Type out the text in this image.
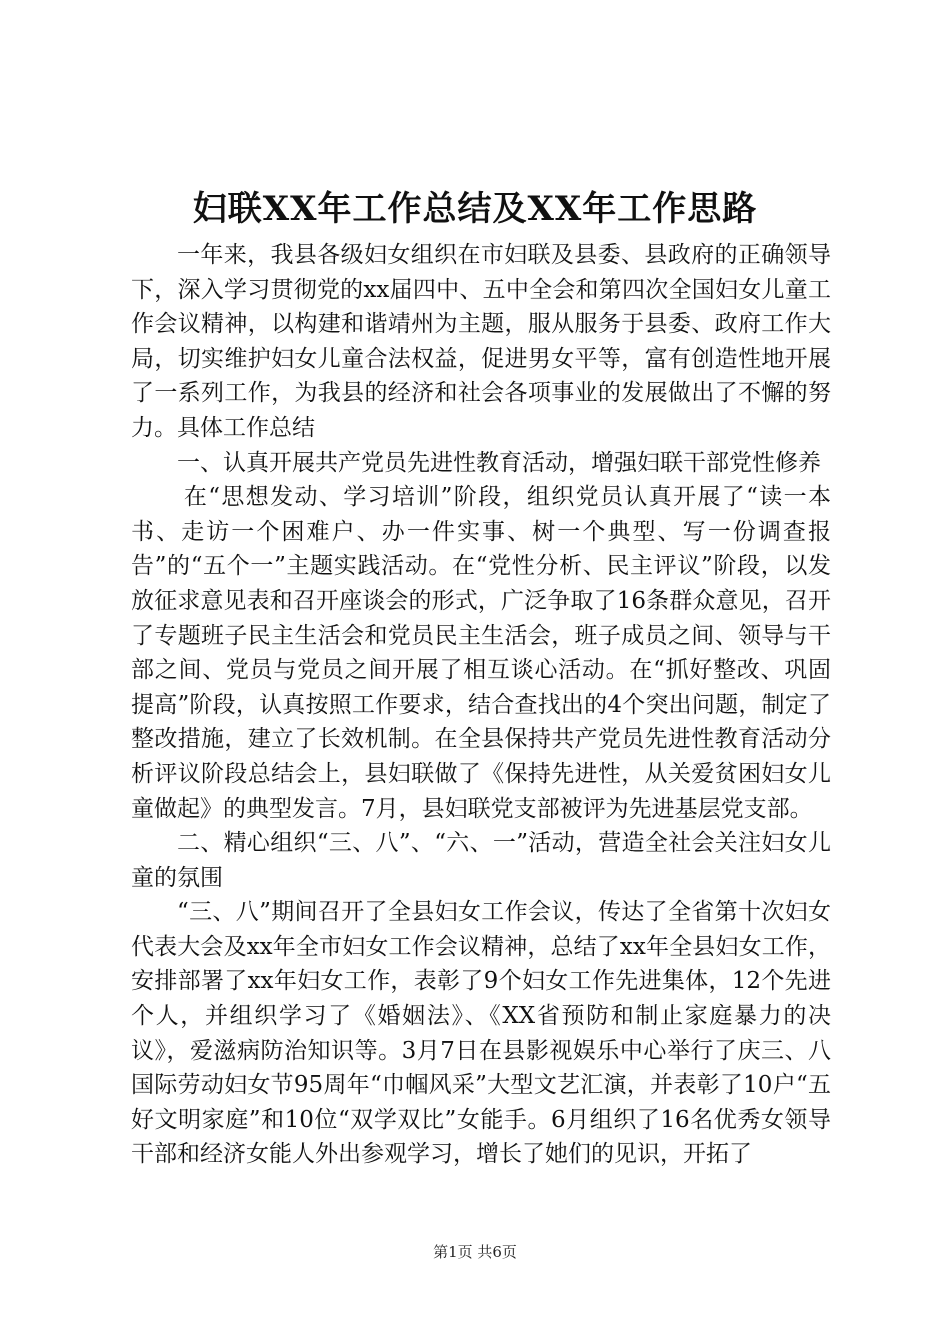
妇联XX年工作总结及XX年工作思路

一年来，我县各级妇女组织在市妇联及县委、县政府的正确领导下，深入学习贯彻党的xx届四中、五中全会和第四次全国妇女儿童工作会议精神，以构建和谐靖州为主题，服从服务于县委、政府工作大局，切实维护妇女儿童合法权益，促进男女平等，富有创造性地开展了一系列工作，为我县的经济和社会各项事业的发展做出了不懈的努力。具体工作总结

一、认真开展共产党员先进性教育活动，增强妇联干部党性修养

在“思想发动、学习培训”阶段，组织党员认真开展了“读一本书、走访一个困难户、办一件实事、树一个典型、写一份调查报告”的“五个一”主题实践活动。在“党性分析、民主评议”阶段，以发放征求意见表和召开座谈会的形式，广泛争取了16条群众意见，召开了专题班子民主生活会和党员民主生活会，班子成员之间、领导与干部之间、党员与党员之间开展了相互谈心活动。在“抓好整改、巩固提高”阶段，认真按照工作要求，结合查找出的4个突出问题，制定了整改措施，建立了长效机制。在全县保持共产党员先进性教育活动分析评议阶段总结会上，县妇联做了《保持先进性，从关爱贫困妇女儿童做起》的典型发言。7月，县妇联党支部被评为先进基层党支部。

二、精心组织“三、八”、“六、一”活动，营造全社会关注妇女儿童的氛围

“三、八”期间召开了全县妇女工作会议，传达了全省第十次妇女代表大会及xx年全市妇女工作会议精神，总结了xx年全县妇女工作，安排部署了xx年妇女工作，表彰了9个妇女工作先进集体，12个先进个人，并组织学习了《婚姻法》、《XX省预防和制止家庭暴力的决议》，爱滋病防治知识等。3月7日在县影视娱乐中心举行了庆三、八国际劳动妇女节95周年“巾帼风采”大型文艺汇演，并表彰了10户“五好文明家庭”和10位“双学双比”女能手。6月组织了16名优秀女领导干部和经济女能人外出参观学习，增长了她们的见识，开拓了

第1页 共6页
